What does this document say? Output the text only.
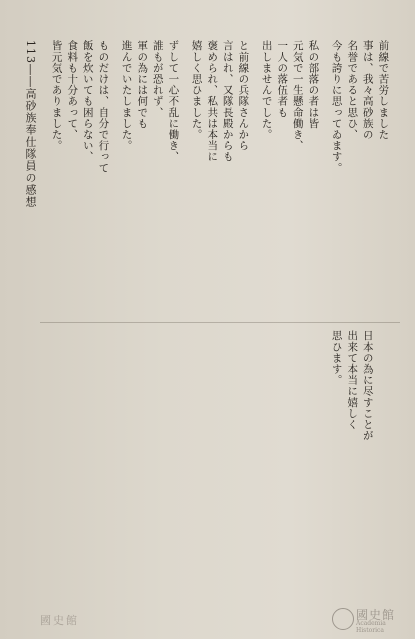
113――高砂族奉仕隊員の感想	ものだけは、自分で行って
飯を炊いても困らない、
食料も十分あって、
皆元気でありました。	ずして一心不乱に働き、
誰もが恐れず、
軍の為には何でも
進んでいたしました。	と前線の兵隊さんから
言はれ、又隊長殿からも
褒められ、私共は本当に
嬉しく思ひました。	私の部落の者は皆
元気で一生懸命働き、
一人の落伍者も
出しませんでした。	前線で苦労しました
事は、我々高砂族の
名誉であると思ひ、
今も誇りに思ってゐます。
日本の為に尽すことが
出来て本当に嬉しく
思ひます。
國史館
Academia Historica
國史館
